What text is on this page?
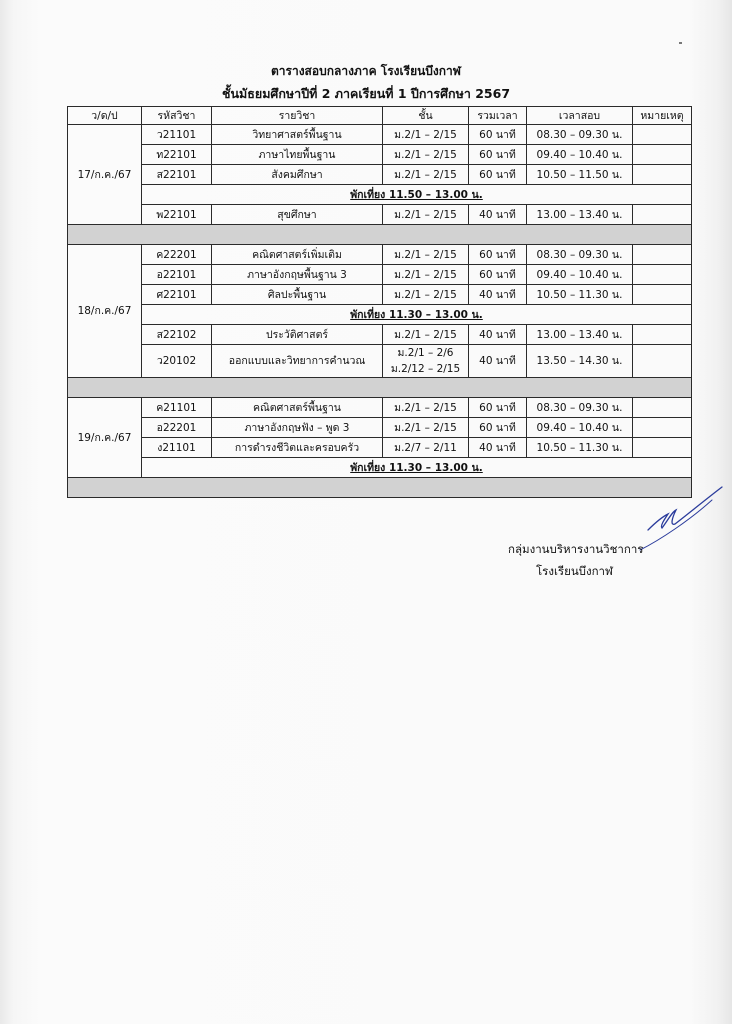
ตารางสอบกลางภาค โรงเรียนบึงกาฬ
ชั้นมัธยมศึกษาปีที่ 2 ภาคเรียนที่ 1 ปีการศึกษา 2567
ว/ด/ป	รหัสวิชา	รายวิชา	ชั้น	รวมเวลา	เวลาสอบ	หมายเหตุ
17/ก.ค./67	ว21101	วิทยาศาสตร์พื้นฐาน	ม.2/1 – 2/15	60 นาที	08.30 – 09.30 น.	
	ท22101	ภาษาไทยพื้นฐาน	ม.2/1 – 2/15	60 นาที	09.40 – 10.40 น.	
	ส22101	สังคมศึกษา	ม.2/1 – 2/15	60 นาที	10.50 – 11.50 น.	
	พักเที่ยง 11.50 – 13.00 น.					
	พ22101	สุขศึกษา	ม.2/1 – 2/15	40 นาที	13.00 – 13.40 น.	

18/ก.ค./67	ค22201	คณิตศาสตร์เพิ่มเติม	ม.2/1 – 2/15	60 นาที	08.30 – 09.30 น.	
	อ22101	ภาษาอังกฤษพื้นฐาน 3	ม.2/1 – 2/15	60 นาที	09.40 – 10.40 น.	
	ศ22101	ศิลปะพื้นฐาน	ม.2/1 – 2/15	40 นาที	10.50 – 11.30 น.	
	พักเที่ยง 11.30 – 13.00 น.					
	ส22102	ประวัติศาสตร์	ม.2/1 – 2/15	40 นาที	13.00 – 13.40 น.	
	ว20102	ออกแบบและวิทยาการคำนวณ	ม.2/1 – 2/6
ม.2/12 – 2/15	40 นาที	13.50 – 14.30 น.	

19/ก.ค./67	ค21101	คณิตศาสตร์พื้นฐาน	ม.2/1 – 2/15	60 นาที	08.30 – 09.30 น.	
	อ22201	ภาษาอังกฤษฟัง – พูด 3	ม.2/1 – 2/15	60 นาที	09.40 – 10.40 น.	
	ง21101	การดำรงชีวิตและครอบครัว	ม.2/7 – 2/11	40 นาที	10.50 – 11.30 น.	
	พักเที่ยง 11.30 – 13.00 น.					

กลุ่มงานบริหารงานวิชาการ
โรงเรียนบึงกาฬ
